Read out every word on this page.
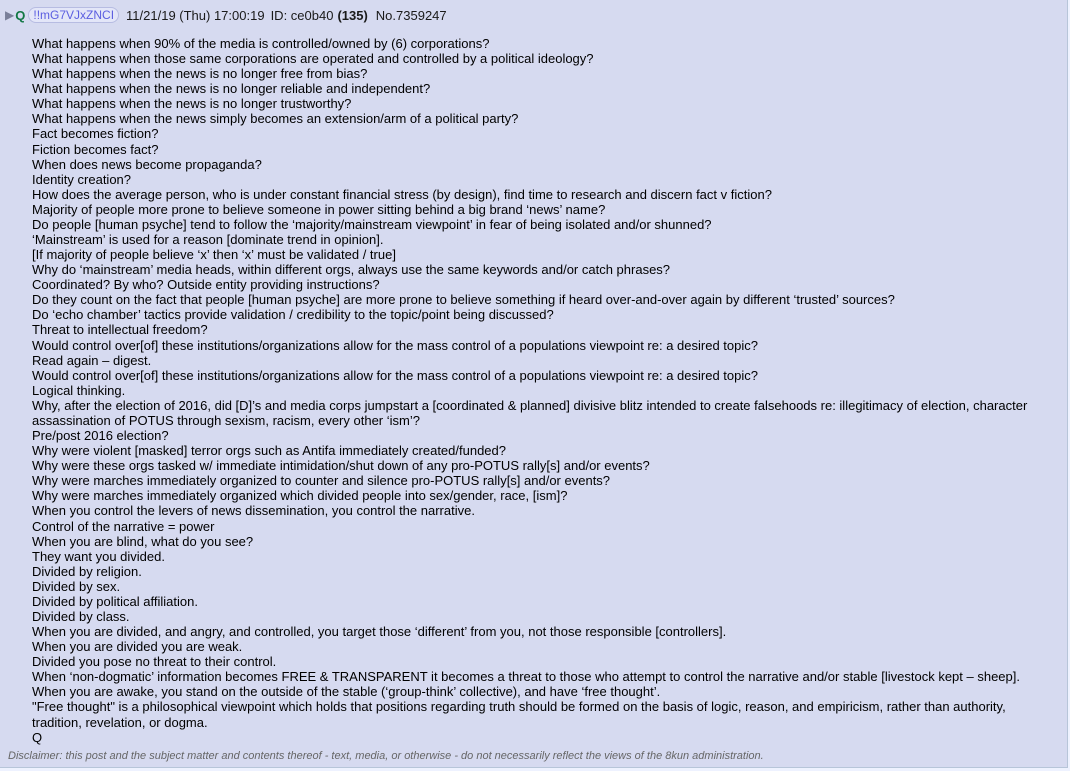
▶ Q !!mG7VJxZNCI 11/21/19 (Thu) 17:00:19 ID: ce0b40 (135) No.7359247
What happens when 90% of the media is controlled/owned by (6) corporations?
What happens when those same corporations are operated and controlled by a political ideology?
What happens when the news is no longer free from bias?
What happens when the news is no longer reliable and independent?
What happens when the news is no longer trustworthy?
What happens when the news simply becomes an extension/arm of a political party?
Fact becomes fiction?
Fiction becomes fact?
When does news become propaganda?
Identity creation?
How does the average person, who is under constant financial stress (by design), find time to research and discern fact v fiction?
Majority of people more prone to believe someone in power sitting behind a big brand ‘news’ name?
Do people [human psyche] tend to follow the ‘majority/mainstream viewpoint’ in fear of being isolated and/or shunned?
‘Mainstream’ is used for a reason [dominate trend in opinion].
[If majority of people believe ‘x’ then ‘x’ must be validated / true]
Why do ‘mainstream’ media heads, within different orgs, always use the same keywords and/or catch phrases?
Coordinated? By who? Outside entity providing instructions?
Do they count on the fact that people [human psyche] are more prone to believe something if heard over-and-over again by different ‘trusted’ sources?
Do ‘echo chamber’ tactics provide validation / credibility to the topic/point being discussed?
Threat to intellectual freedom?
Would control over[of] these institutions/organizations allow for the mass control of a populations viewpoint re: a desired topic?
Read again – digest.
Would control over[of] these institutions/organizations allow for the mass control of a populations viewpoint re: a desired topic?
Logical thinking.
Why, after the election of 2016, did [D]’s and media corps jumpstart a [coordinated & planned] divisive blitz intended to create falsehoods re: illegitimacy of election, character assassination of POTUS through sexism, racism, every other ‘ism’?
Pre/post 2016 election?
Why were violent [masked] terror orgs such as Antifa immediately created/funded?
Why were these orgs tasked w/ immediate intimidation/shut down of any pro-POTUS rally[s] and/or events?
Why were marches immediately organized to counter and silence pro-POTUS rally[s] and/or events?
Why were marches immediately organized which divided people into sex/gender, race, [ism]?
When you control the levers of news dissemination, you control the narrative.
Control of the narrative = power
When you are blind, what do you see?
They want you divided.
Divided by religion.
Divided by sex.
Divided by political affiliation.
Divided by class.
When you are divided, and angry, and controlled, you target those ‘different’ from you, not those responsible [controllers].
When you are divided you are weak.
Divided you pose no threat to their control.
When ‘non-dogmatic’ information becomes FREE & TRANSPARENT it becomes a threat to those who attempt to control the narrative and/or stable [livestock kept – sheep].
When you are awake, you stand on the outside of the stable (‘group-think’ collective), and have ‘free thought’.
"Free thought" is a philosophical viewpoint which holds that positions regarding truth should be formed on the basis of logic, reason, and empiricism, rather than authority, tradition, revelation, or dogma.
Q
Disclaimer: this post and the subject matter and contents thereof - text, media, or otherwise - do not necessarily reflect the views of the 8kun administration.
